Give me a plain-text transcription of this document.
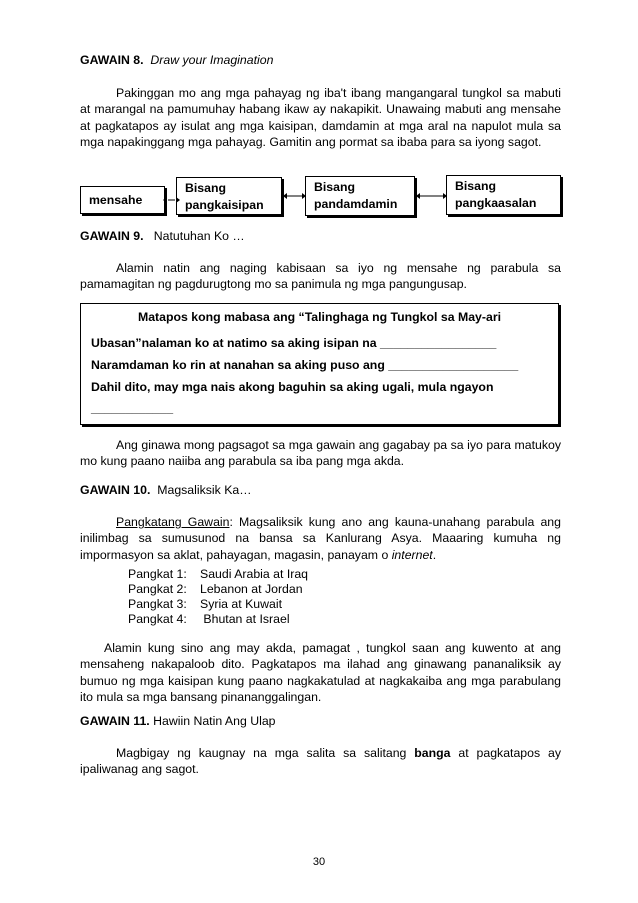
GAWAIN 8. Draw your Imagination

Pakinggan mo ang mga pahayag ng iba't ibang mangangaral tungkol sa mabuti at marangal na pamumuhay habang ikaw ay nakapikit. Unawaing mabuti ang mensahe at pagkatapos ay isulat ang mga kaisipan, damdamin at mga aral na napulot mula sa mga napakinggang mga pahayag. Gamitin ang pormat sa ibaba para sa iyong sagot.

mensahe
Bisang
pangkaisipan
Bisang
pandamdamin
Bisang
pangkaasalan
GAWAIN 9. Natutuhan Ko …

Alamin natin ang naging kabisaan sa iyo ng mensahe ng parabula sa pamamagitan ng pagdurugtong mo sa panimula ng mga pangungusap.

Matapos kong mabasa ang “Talinghaga ng Tungkol sa May-ari
Ubasan”nalaman ko at natimo sa aking isipan na _________________
Naramdaman ko rin at nanahan sa aking puso ang ___________________
Dahil dito, may mga nais akong baguhin sa aking ugali, mula ngayon
____________

Ang ginawa mong pagsagot sa mga gawain ang gagabay pa sa iyo para matukoy mo kung paano naiiba ang parabula sa iba pang mga akda.

GAWAIN 10. Magsaliksik Ka…

Pangkatang Gawain: Magsaliksik kung ano ang kauna-unahang parabula ang inilimbag sa sumusunod na bansa sa Kanlurang Asya. Maaaring kumuha ng impormasyon sa aklat, pahayagan, magasin, panayam o internet.

Pangkat 1: Saudi Arabia at Iraq
Pangkat 2: Lebanon at Jordan
Pangkat 3: Syria at Kuwait
Pangkat 4: Bhutan at Israel

Alamin kung sino ang may akda, pamagat , tungkol saan ang kuwento at ang mensaheng nakapaloob dito. Pagkatapos ma ilahad ang ginawang pananaliksik ay bumuo ng mga kaisipan kung paano nagkakatulad at nagkakaiba ang mga parabulang ito mula sa mga bansang pinananggalingan.

GAWAIN 11. Hawiin Natin Ang Ulap

Magbigay ng kaugnay na mga salita sa salitang banga at pagkatapos ay ipaliwanag ang sagot.

30
